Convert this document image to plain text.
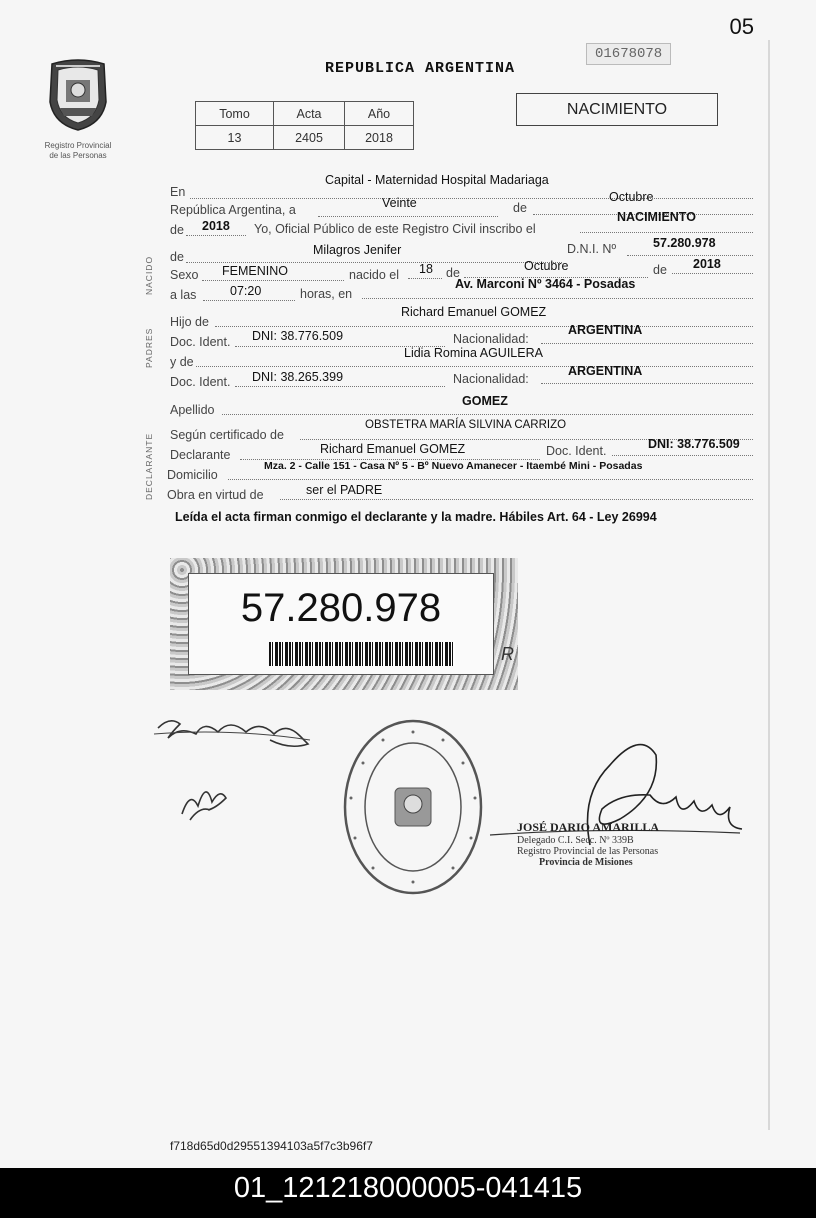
05
Registro Provincial
de las Personas
REPUBLICA ARGENTINA
01678078
Tomo	Acta	Año
13	2405	2018
NACIMIENTO
NACIDO
PADRES
DECLARANTE
En
Capital - Maternidad Hospital Madariaga
República Argentina, a	Veinte	de
Octubre
de 2018 Yo, Oficial Público de este Registro Civil inscribo el
NACIMIENTO
de	Milagros Jenifer	D.N.I. Nº	57.280.978
Sexo FEMENINO	nacido el 18 de	Octubre	de 2018
a las	07:20	horas, en
Av. Marconi Nº 3464 - Posadas
Hijo de
Richard Emanuel GOMEZ
Doc. Ident. DNI: 38.776.509	Nacionalidad:
ARGENTINA
y de
Lidia Romina AGUILERA
Doc. Ident. DNI: 38.265.399	Nacionalidad:
ARGENTINA
Apellido
GOMEZ
Según certificado de
OBSTETRA MARÍA SILVINA CARRIZO
Declarante	Richard Emanuel GOMEZ	Doc. Ident.	DNI: 38.776.509
Domicilio
Mza. 2 - Calle 151 - Casa Nº 5 - Bº Nuevo Amanecer - Itaembé Mini - Posadas
Obra en virtud de	ser el PADRE
Leída el acta firman conmigo el declarante y la madre. Hábiles Art. 64 - Ley 26994
57.280.978
R
JOSÉ DARIO AMARILLA
Delegado C.I. Secc. Nº 339B
Registro Provincial de las Personas
Provincia de Misiones
f718d65d0d29551394103a5f7c3b96f7
01_121218000005-041415
